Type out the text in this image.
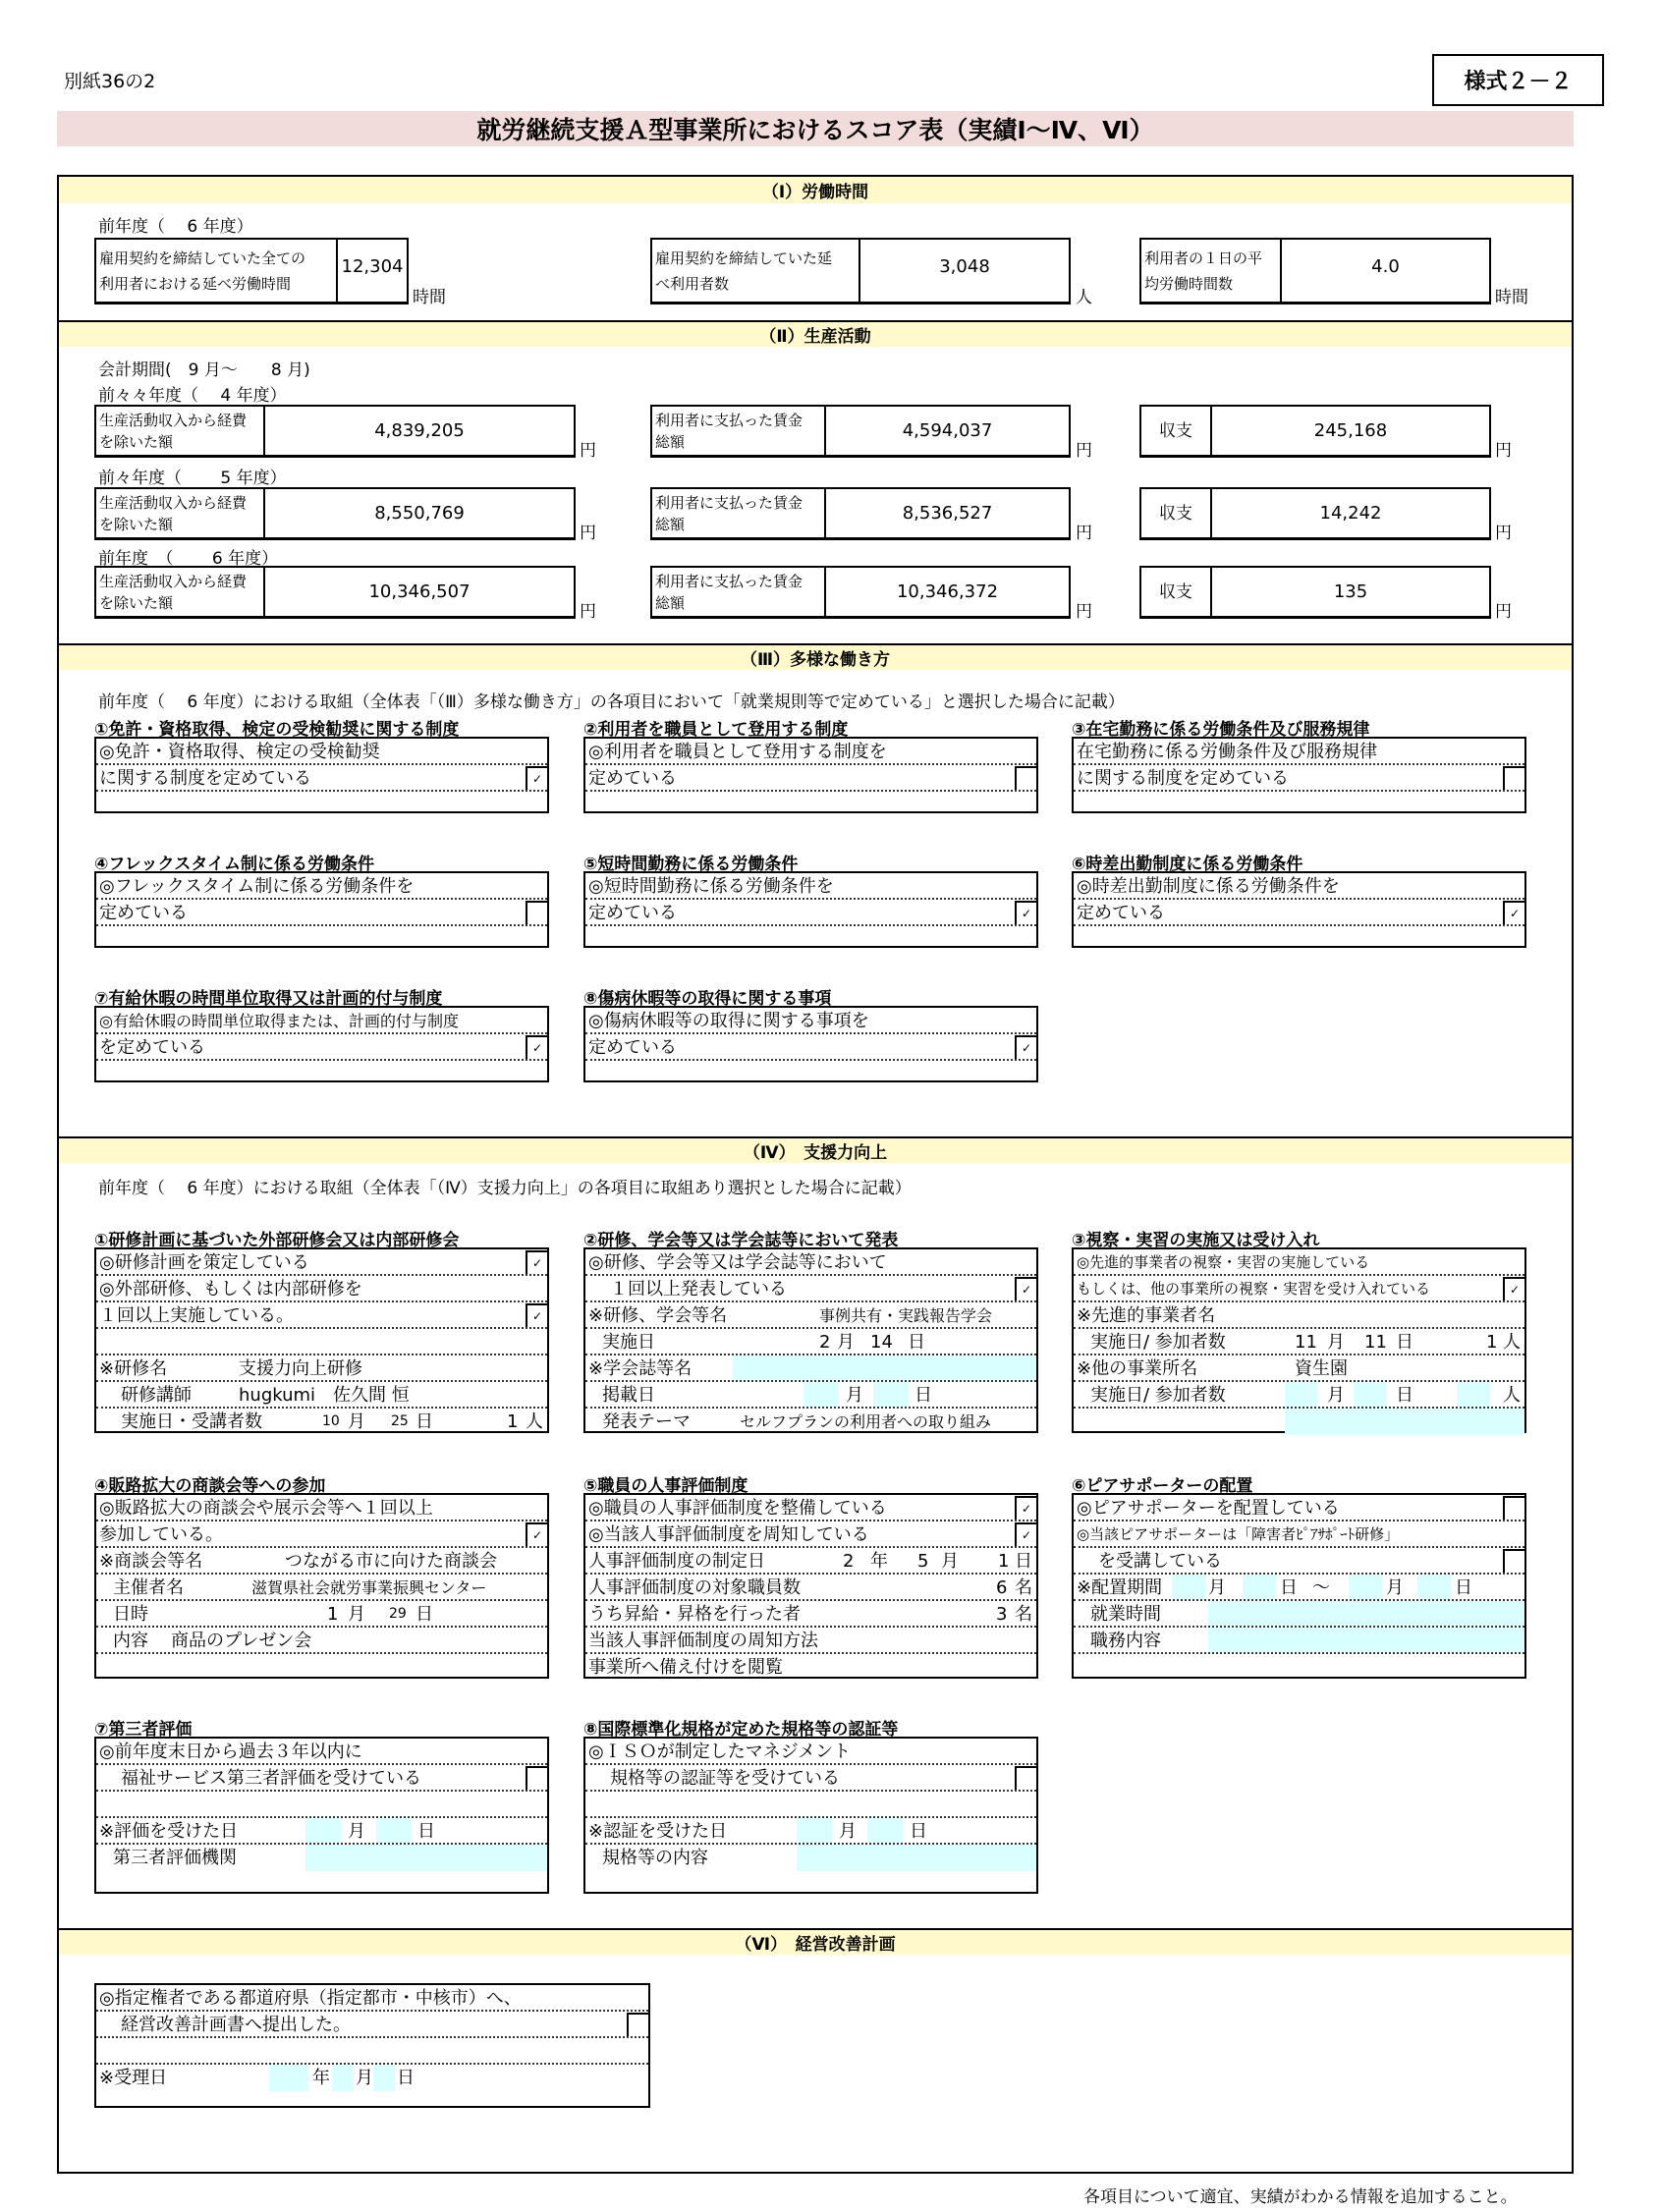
別紙36の2	様式２－２
就労継続支援Ａ型事業所におけるスコア表（実績Ⅰ～Ⅳ、Ⅵ）
（Ⅰ）労働時間
前年度（　 6 年度）
雇用契約を締結していた全ての
利用者における延べ労働時間
12,304
時間
雇用契約を締結していた延
べ利用者数
3,048
人
利用者の１日の平
均労働時間数
4.0
時間
（Ⅱ）生産活動
会計期間(　9 月～　　8 月)
前々々年度（　 4 年度）
生産活動収入から経費
を除いた額
4,839,205
円
利用者に支払った賃金
総額
4,594,037
円
収支	245,168
円
前々年度（　　 5 年度）
生産活動収入から経費
を除いた額
8,550,769
円
利用者に支払った賃金
総額
8,536,527
円
収支	14,242
円
前年度　（　　 6 年度）
生産活動収入から経費
を除いた額
10,346,507
円
利用者に支払った賃金
総額
10,346,372
円
収支	135
円
（Ⅲ）多様な働き方
前年度（　 6 年度）における取組（全体表「（Ⅲ）多様な働き方」の各項目において「就業規則等で定めている」と選択した場合に記載）
①免許・資格取得、検定の受検勧奨に関する制度
◎免許・資格取得、検定の受検勧奨
に関する制度を定めている	✓
②利用者を職員として登用する制度
◎利用者を職員として登用する制度を
定めている
③在宅勤務に係る労働条件及び服務規律
在宅勤務に係る労働条件及び服務規律
に関する制度を定めている
④フレックスタイム制に係る労働条件
◎フレックスタイム制に係る労働条件を
定めている
⑤短時間勤務に係る労働条件
◎短時間勤務に係る労働条件を
定めている	✓
⑥時差出勤制度に係る労働条件
◎時差出勤制度に係る労働条件を
定めている	✓
⑦有給休暇の時間単位取得又は計画的付与制度
◎有給休暇の時間単位取得または、計画的付与制度
を定めている	✓
⑧傷病休暇等の取得に関する事項
◎傷病休暇等の取得に関する事項を
定めている	✓
（Ⅳ）　支援力向上
前年度（　 6 年度）における取組（全体表「（Ⅳ）支援力向上」の各項目に取組あり選択とした場合に記載）
①研修計画に基づいた外部研修会又は内部研修会
◎研修計画を策定している	✓
◎外部研修、もしくは内部研修を
１回以上実施している。	✓
※研修名	支援力向上研修
研修講師	hugkumi　佐久間 恒
実施日・受講者数	10 月 25 日	1 人
②研修、学会等又は学会誌等において発表
◎研修、学会等又は学会誌等において
１回以上発表している	✓
※研修、学会等名	事例共有・実践報告学会
実施日	2 月 14 日
※学会誌等名
掲載日	月	日
発表テーマ	セルフプランの利用者への取り組み
③視察・実習の実施又は受け入れ
◎先進的事業者の視察・実習の実施している
もしくは、他の事業所の視察・実習を受け入れている	✓
※先進的事業者名
実施日/ 参加者数	11 月 11 日	1 人
※他の事業所名	資生園
実施日/ 参加者数	月	日	人
④販路拡大の商談会等への参加
◎販路拡大の商談会や展示会等へ１回以上
参加している。	✓
※商談会等名	つながる市に向けた商談会
主催者名	滋賀県社会就労事業振興センター
日時	1 月 29 日
内容 商品のプレゼン会
⑤職員の人事評価制度
◎職員の人事評価制度を整備している	✓
◎当該人事評価制度を周知している	✓
人事評価制度の制定日	2 年 5 月 1 日
人事評価制度の対象職員数	6 名
うち昇給・昇格を行った者	3 名
当該人事評価制度の周知方法
事業所へ備え付けを閲覧
⑥ピアサポーターの配置
◎ピアサポーターを配置している
◎当該ピアサポーターは「障害者ﾋﾟｱｻﾎﾟｰﾄ研修」
を受講している
※配置期間	月	日 ～	月	日
就業時間
職務内容
⑦第三者評価
◎前年度末日から過去３年以内に
福祉サービス第三者評価を受けている
※評価を受けた日	月	日
第三者評価機関
⑧国際標準化規格が定めた規格等の認証等
◎ＩＳＯが制定したマネジメント
規格等の認証等を受けている
※認証を受けた日	月	日
規格等の内容
（Ⅵ）　経営改善計画
◎指定権者である都道府県（指定都市・中核市）へ、
経営改善計画書へ提出した。
※受理日	年 月 日
各項目について適宜、実績がわかる情報を追加すること。
